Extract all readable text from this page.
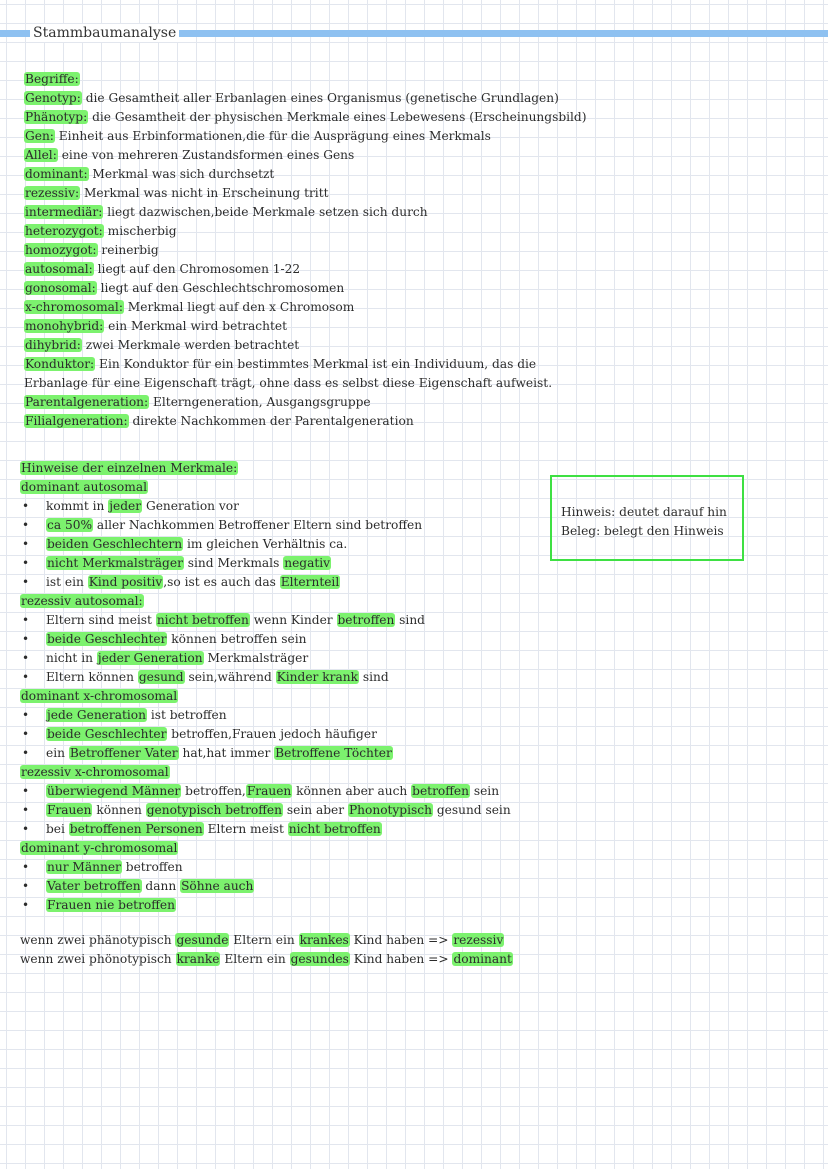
Stammbaumanalyse
Begriffe:
Genotyp: die Gesamtheit aller Erbanlagen eines Organismus (genetische Grundlagen)
Phänotyp: die Gesamtheit der physischen Merkmale eines Lebewesens (Erscheinungsbild)
Gen: Einheit aus Erbinformationen,die für die Ausprägung eines Merkmals
Allel: eine von mehreren Zustandsformen eines Gens
dominant: Merkmal was sich durchsetzt
rezessiv: Merkmal was nicht in Erscheinung tritt
intermediär: liegt dazwischen,beide Merkmale setzen sich durch
heterozygot: mischerbig
homozygot: reinerbig
autosomal: liegt auf den Chromosomen 1-22
gonosomal: liegt auf den Geschlechtschromosomen
x-chromosomal: Merkmal liegt auf den x Chromosom
monohybrid: ein Merkmal wird betrachtet
dihybrid: zwei Merkmale werden betrachtet
Konduktor: Ein Konduktor für ein bestimmtes Merkmal ist ein Individuum, das die
Erbanlage für eine Eigenschaft trägt, ohne dass es selbst diese Eigenschaft aufweist.
Parentalgeneration: Elterngeneration, Ausgangsgruppe
Filialgeneration: direkte Nachkommen der Parentalgeneration
Hinweise der einzelnen Merkmale:
dominant autosomal
• kommt in jeder Generation vor
• ca 50% aller Nachkommen Betroffener Eltern sind betroffen
• beiden Geschlechtern im gleichen Verhältnis ca.
• nicht Merkmalsträger sind Merkmals negativ
• ist ein Kind positiv,so ist es auch das Elternteil
rezessiv autosomal:
• Eltern sind meist nicht betroffen wenn Kinder betroffen sind
• beide Geschlechter können betroffen sein
• nicht in jeder Generation Merkmalsträger
• Eltern können gesund sein,während Kinder krank sind
dominant x-chromosomal
• jede Generation ist betroffen
• beide Geschlechter betroffen,Frauen jedoch häufiger
• ein Betroffener Vater hat,hat immer Betroffene Töchter
rezessiv x-chromosomal
• überwiegend Männer betroffen,Frauen können aber auch betroffen sein
• Frauen können genotypisch betroffen sein aber Phonotypisch gesund sein
• bei betroffenen Personen Eltern meist nicht betroffen
dominant y-chromosomal
• nur Männer betroffen
• Vater betroffen dann Söhne auch
• Frauen nie betroffen
wenn zwei phänotypisch gesunde Eltern ein krankes Kind haben => rezessiv
wenn zwei phönotypisch kranke Eltern ein gesundes Kind haben => dominant
Hinweis: deutet darauf hin
Beleg: belegt den Hinweis
